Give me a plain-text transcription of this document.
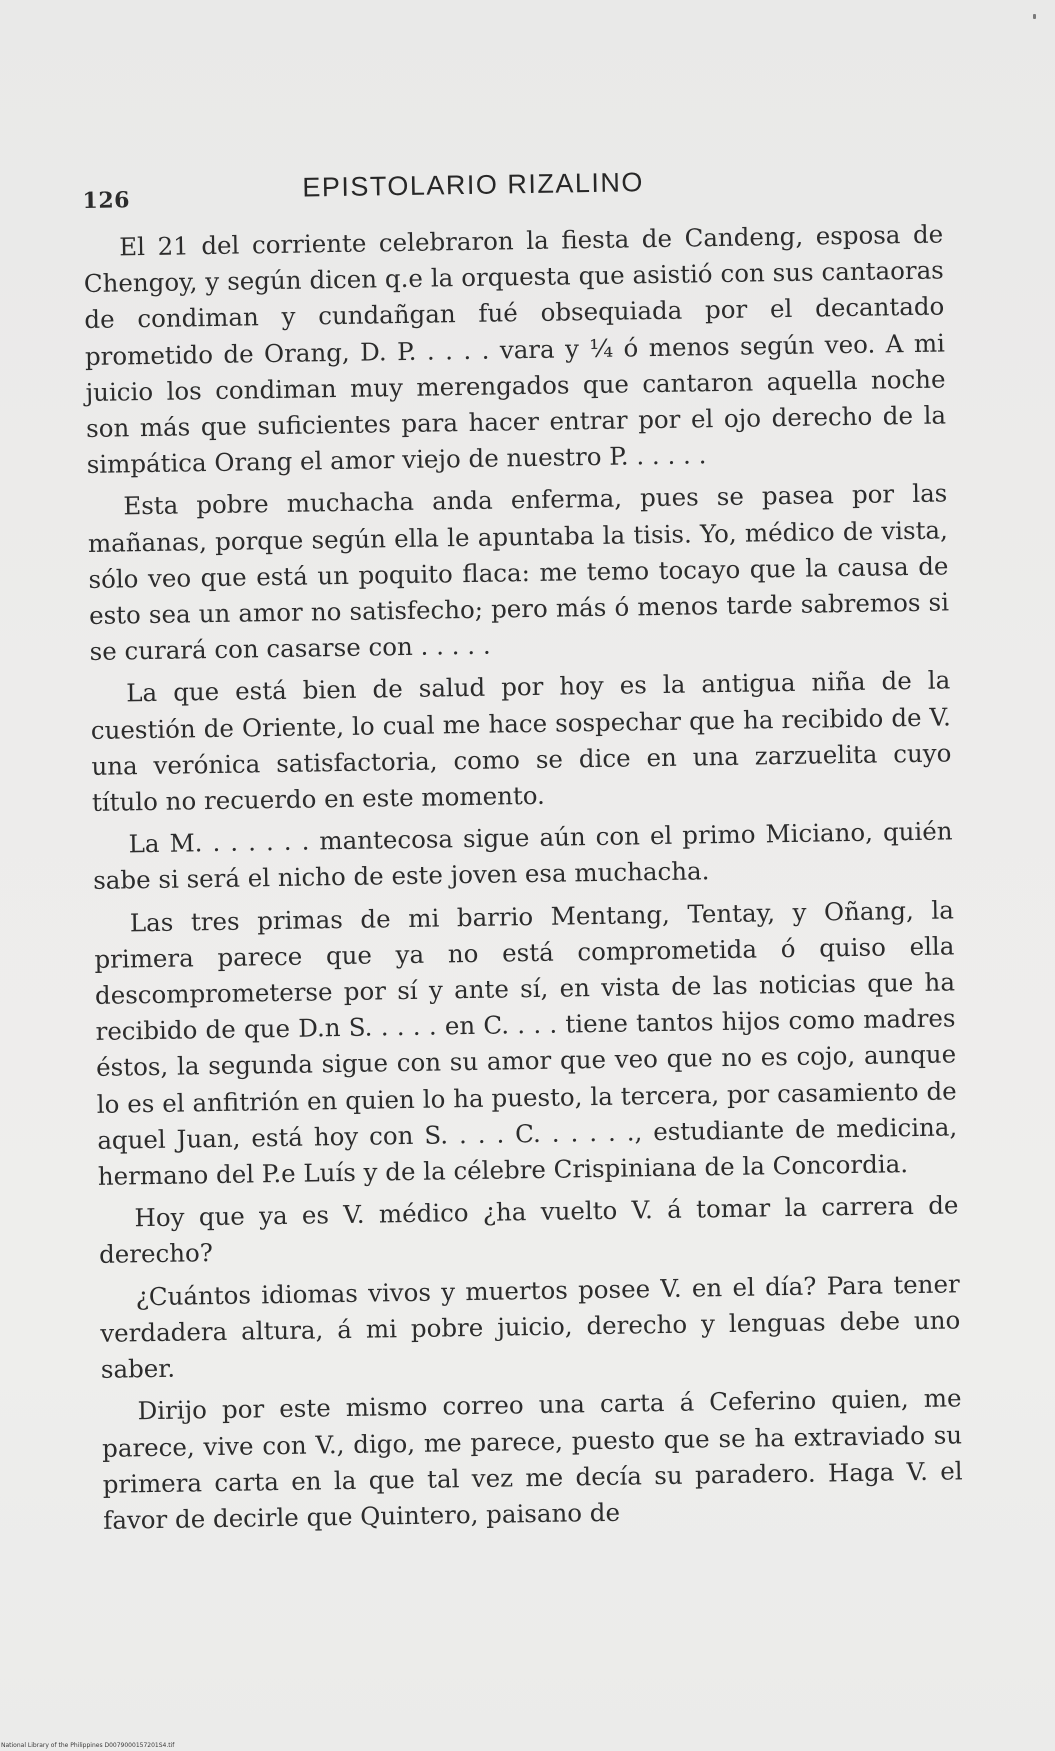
126	EPISTOLARIO RIZALINO

El 21 del corriente celebraron la fiesta de Candeng, esposa de Chengoy, y según dicen q.e la orquesta que asistió con sus cantaoras de condiman y cundañgan fué obsequiada por el decantado prometido de Orang, D. P. . . . . vara y ¼ ó menos según veo. A mi juicio los condiman muy merengados que cantaron aquella noche son más que suficientes para hacer entrar por el ojo derecho de la simpática Orang el amor viejo de nuestro P. . . . . .

Esta pobre muchacha anda enferma, pues se pasea por las mañanas, porque según ella le apuntaba la tisis. Yo, médico de vista, sólo veo que está un poquito flaca: me temo tocayo que la causa de esto sea un amor no satisfecho; pero más ó menos tarde sabremos si se curará con casarse con . . . . .

La que está bien de salud por hoy es la antigua niña de la cuestión de Oriente, lo cual me hace sospechar que ha recibido de V. una verónica satisfactoria, como se dice en una zarzuelita cuyo título no recuerdo en este momento.

La M. . . . . . . mantecosa sigue aún con el primo Miciano, quién sabe si será el nicho de este joven esa muchacha.

Las tres primas de mi barrio Mentang, Tentay, y Oñang, la primera parece que ya no está comprometida ó quiso ella descomprometerse por sí y ante sí, en vista de las noticias que ha recibido de que D.n S. . . . . en C. . . . tiene tantos hijos como madres éstos, la segunda sigue con su amor que veo que no es cojo, aunque lo es el anfitrión en quien lo ha puesto, la tercera, por casamiento de aquel Juan, está hoy con S. . . . C. . . . . ., estudiante de medicina, hermano del P.e Luís y de la célebre Crispiniana de la Concordia.

Hoy que ya es V. médico ¿ha vuelto V. á tomar la carrera de derecho?

¿Cuántos idiomas vivos y muertos posee V. en el día? Para tener verdadera altura, á mi pobre juicio, derecho y lenguas debe uno saber.

Dirijo por este mismo correo una carta á Ceferino quien, me parece, vive con V., digo, me parece, puesto que se ha extraviado su primera carta en la que tal vez me decía su paradero. Haga V. el favor de decirle que Quintero, paisano de

National Library of the Philippines D0079000157201S4.tif
